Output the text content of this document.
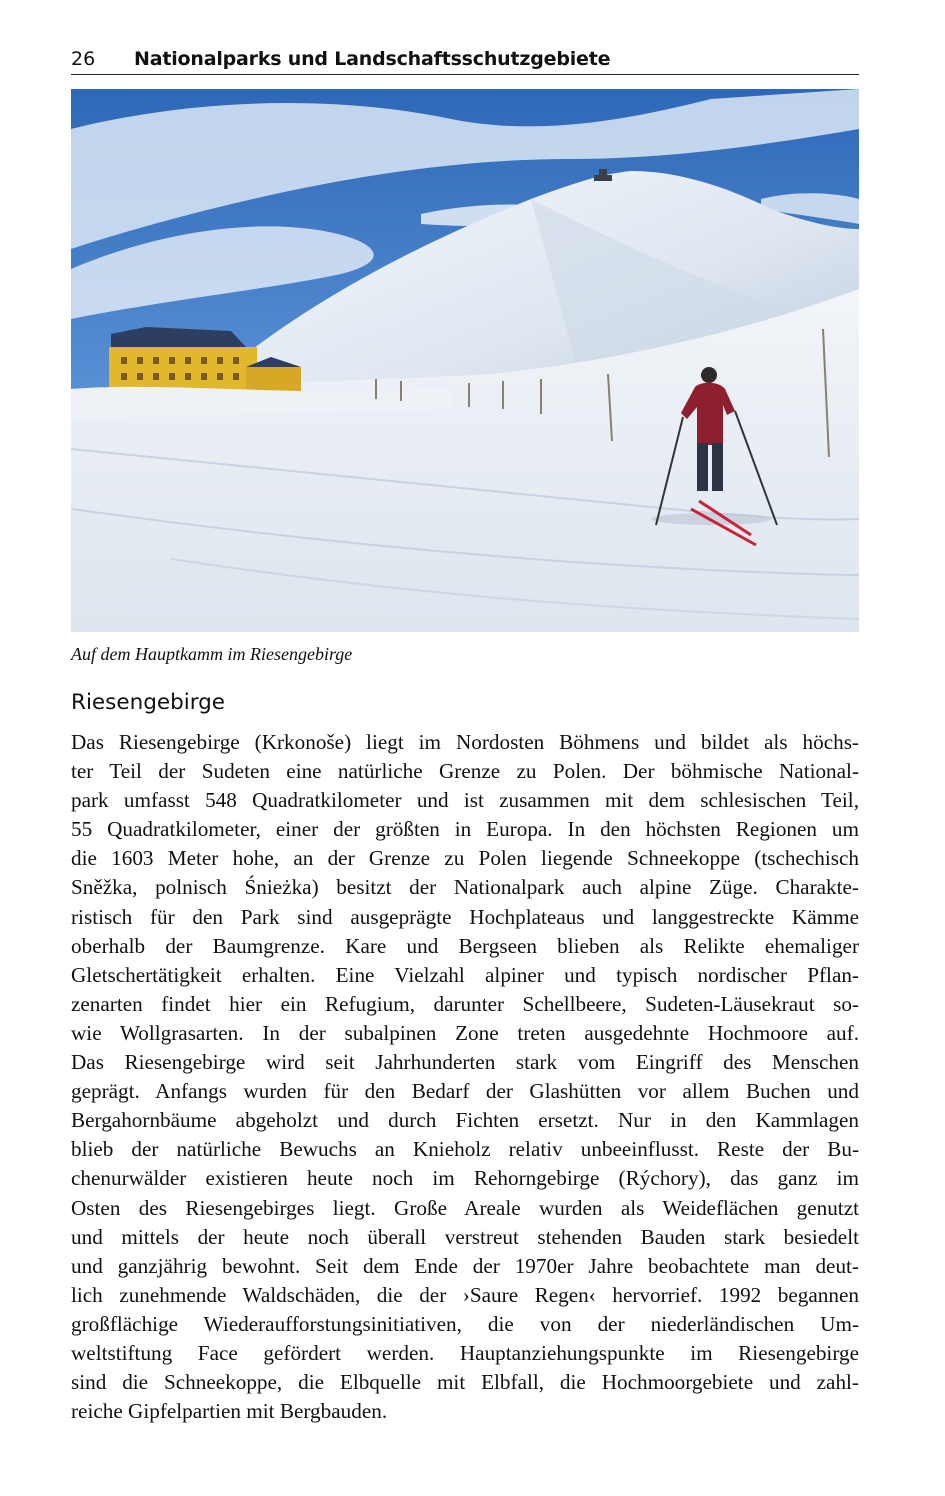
26 Nationalparks und Landschaftsschutzgebiete
Auf dem Hauptkamm im Riesengebirge
Riesengebirge

Das Riesengebirge (Krkonoše) liegt im Nordosten Böhmens und bildet als höchs-
ter Teil der Sudeten eine natürliche Grenze zu Polen. Der böhmische National-
park umfasst 548 Quadratkilometer und ist zusammen mit dem schlesischen Teil,
55 Quadratkilometer, einer der größten in Europa. In den höchsten Regionen um
die 1603 Meter hohe, an der Grenze zu Polen liegende Schneekoppe (tschechisch
Sněžka, polnisch Śnieżka) besitzt der Nationalpark auch alpine Züge. Charakte-
ristisch für den Park sind ausgeprägte Hochplateaus und langgestreckte Kämme
oberhalb der Baumgrenze. Kare und Bergseen blieben als Relikte ehemaliger
Gletschertätigkeit erhalten. Eine Vielzahl alpiner und typisch nordischer Pflan-
zenarten findet hier ein Refugium, darunter Schellbeere, Sudeten-Läusekraut so-
wie Wollgrasarten. In der subalpinen Zone treten ausgedehnte Hochmoore auf.
Das Riesengebirge wird seit Jahrhunderten stark vom Eingriff des Menschen
geprägt. Anfangs wurden für den Bedarf der Glashütten vor allem Buchen und
Bergahornbäume abgeholzt und durch Fichten ersetzt. Nur in den Kammlagen
blieb der natürliche Bewuchs an Knieholz relativ unbeeinflusst. Reste der Bu-
chenurwälder existieren heute noch im Rehorngebirge (Rýchory), das ganz im
Osten des Riesengebirges liegt. Große Areale wurden als Weideflächen genutzt
und mittels der heute noch überall verstreut stehenden Bauden stark besiedelt
und ganzjährig bewohnt. Seit dem Ende der 1970er Jahre beobachtete man deut-
lich zunehmende Waldschäden, die der ›Saure Regen‹ hervorrief. 1992 begannen
großflächige Wiederaufforstungsinitiativen, die von der niederländischen Um-
weltstiftung Face gefördert werden. Hauptanziehungspunkte im Riesengebirge
sind die Schneekoppe, die Elbquelle mit Elbfall, die Hochmoorgebiete und zahl-
reiche Gipfelpartien mit Bergbauden.
